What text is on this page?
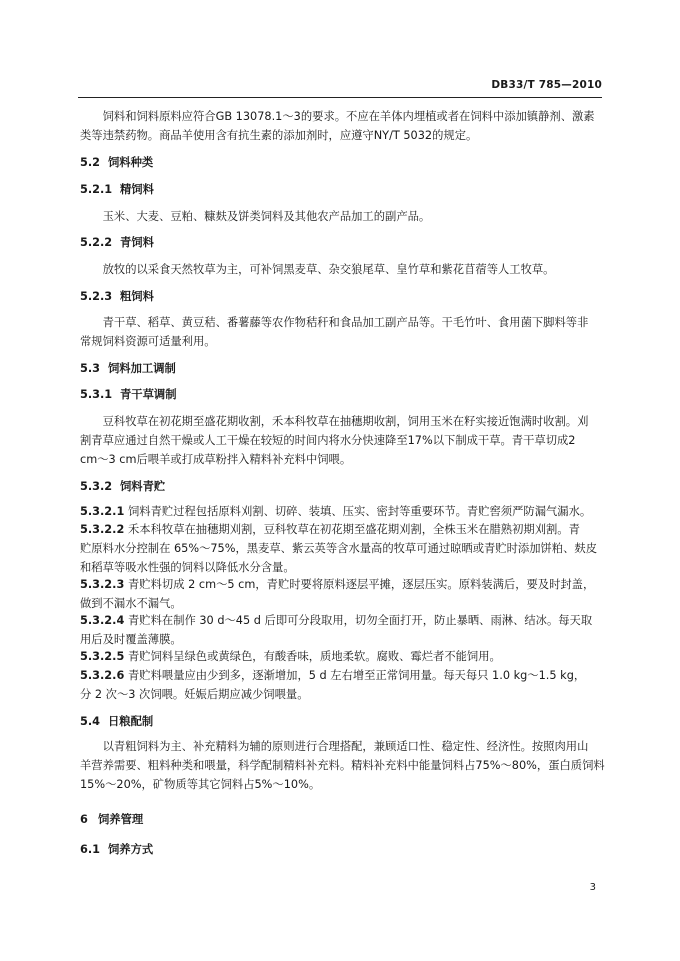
DB33/T 785—2010
饲料和饲料原料应符合GB 13078.1～3的要求。不应在羊体内埋植或者在饲料中添加镇静剂、激素
类等违禁药物。商品羊使用含有抗生素的添加剂时，应遵守NY/T 5032的规定。
5.2 饲料种类
5.2.1 精饲料
玉米、大麦、豆粕、糠麸及饼类饲料及其他农产品加工的副产品。
5.2.2 青饲料
放牧的以采食天然牧草为主，可补饲黑麦草、杂交狼尾草、皇竹草和紫花苜蓿等人工牧草。
5.2.3 粗饲料
青干草、稻草、黄豆秸、番薯藤等农作物秸秆和食品加工副产品等。干毛竹叶、食用菌下脚料等非
常规饲料资源可适量利用。
5.3 饲料加工调制
5.3.1 青干草调制
豆科牧草在初花期至盛花期收割，禾本科牧草在抽穗期收割，饲用玉米在籽实接近饱满时收割。刈
割青草应通过自然干燥或人工干燥在较短的时间内将水分快速降至17%以下制成干草。青干草切成2
cm～3 cm后喂羊或打成草粉拌入精料补充料中饲喂。
5.3.2 饲料青贮
5.3.2.1 饲料青贮过程包括原料刈割、切碎、装填、压实、密封等重要环节。青贮窖须严防漏气漏水。
5.3.2.2 禾本科牧草在抽穗期刈割，豆科牧草在初花期至盛花期刈割，全株玉米在腊熟初期刈割。青
贮原料水分控制在 65%～75%，黑麦草、紫云英等含水量高的牧草可通过晾晒或青贮时添加饼粕、麸皮
和稻草等吸水性强的饲料以降低水分含量。
5.3.2.3 青贮料切成 2 cm～5 cm，青贮时要将原料逐层平摊，逐层压实。原料装满后，要及时封盖，
做到不漏水不漏气。
5.3.2.4 青贮料在制作 30 d～45 d 后即可分段取用，切勿全面打开，防止暴晒、雨淋、结冰。每天取
用后及时覆盖薄膜。
5.3.2.5 青贮饲料呈绿色或黄绿色，有酸香味，质地柔软。腐败、霉烂者不能饲用。
5.3.2.6 青贮料喂量应由少到多，逐渐增加，5 d 左右增至正常饲用量。每天每只 1.0 kg～1.5 kg，
分 2 次～3 次饲喂。妊娠后期应减少饲喂量。
5.4 日粮配制
以青粗饲料为主、补充精料为辅的原则进行合理搭配，兼顾适口性、稳定性、经济性。按照肉用山
羊营养需要、粗料种类和喂量，科学配制精料补充料。精料补充料中能量饲料占75%～80%，蛋白质饲料
15%～20%，矿物质等其它饲料占5%～10%。
6 饲养管理
6.1 饲养方式
3
